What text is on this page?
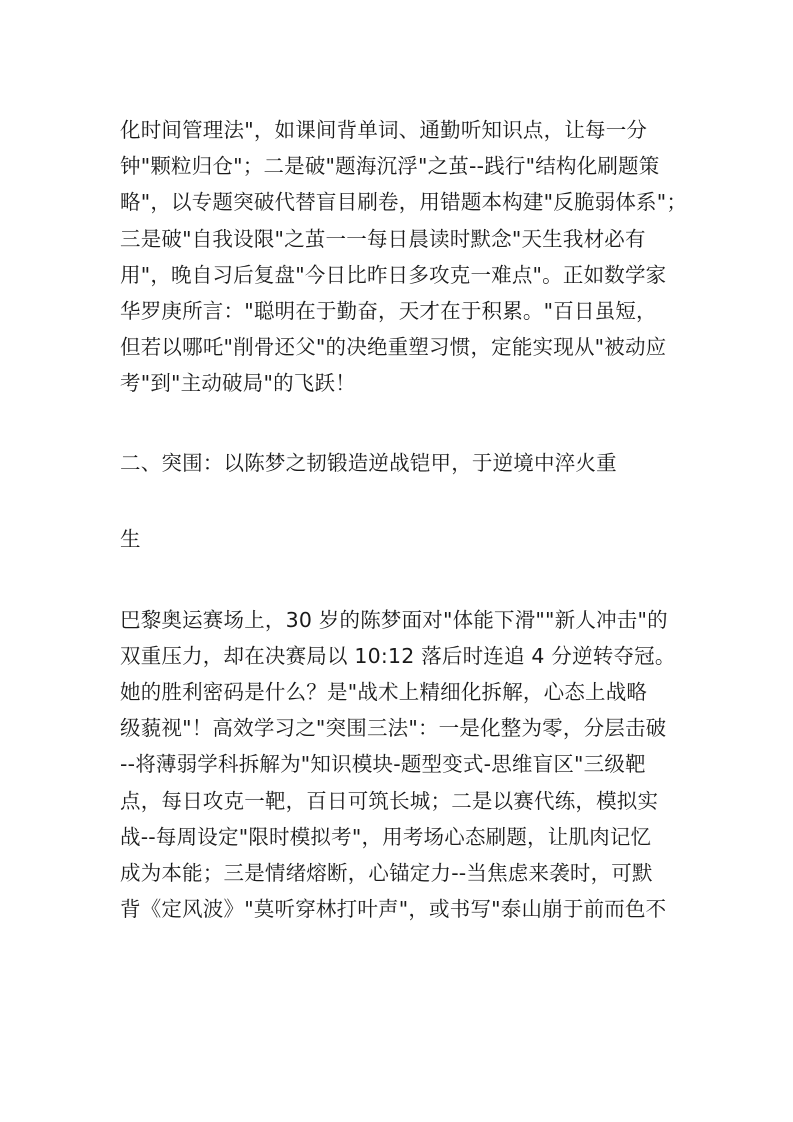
化时间管理法"，如课间背单词、通勤听知识点，让每一分
钟"颗粒归仓"；二是破"题海沉浮"之茧--践行"结构化刷题策
略"，以专题突破代替盲目刷卷，用错题本构建"反脆弱体系"；
三是破"自我设限"之茧一一每日晨读时默念"天生我材必有
用"，晚自习后复盘"今日比昨日多攻克一难点"。正如数学家
华罗庚所言："聪明在于勤奋，天才在于积累。"百日虽短，
但若以哪吒"削骨还父"的决绝重塑习惯，定能实现从"被动应
考"到"主动破局"的飞跃！
二、突围：以陈梦之韧锻造逆战铠甲，于逆境中淬火重
生
巴黎奥运赛场上，30 岁的陈梦面对"体能下滑""新人冲击"的
双重压力，却在决赛局以 10:12 落后时连追 4 分逆转夺冠。
她的胜利密码是什么？是"战术上精细化拆解，心态上战略
级藐视"！高效学习之"突围三法"：一是化整为零，分层击破
--将薄弱学科拆解为"知识模块-题型变式-思维盲区"三级靶
点，每日攻克一靶，百日可筑长城；二是以赛代练，模拟实
战--每周设定"限时模拟考"，用考场心态刷题，让肌肉记忆
成为本能；三是情绪熔断，心锚定力--当焦虑来袭时，可默
背《定风波》"莫听穿林打叶声"，或书写"泰山崩于前而色不
